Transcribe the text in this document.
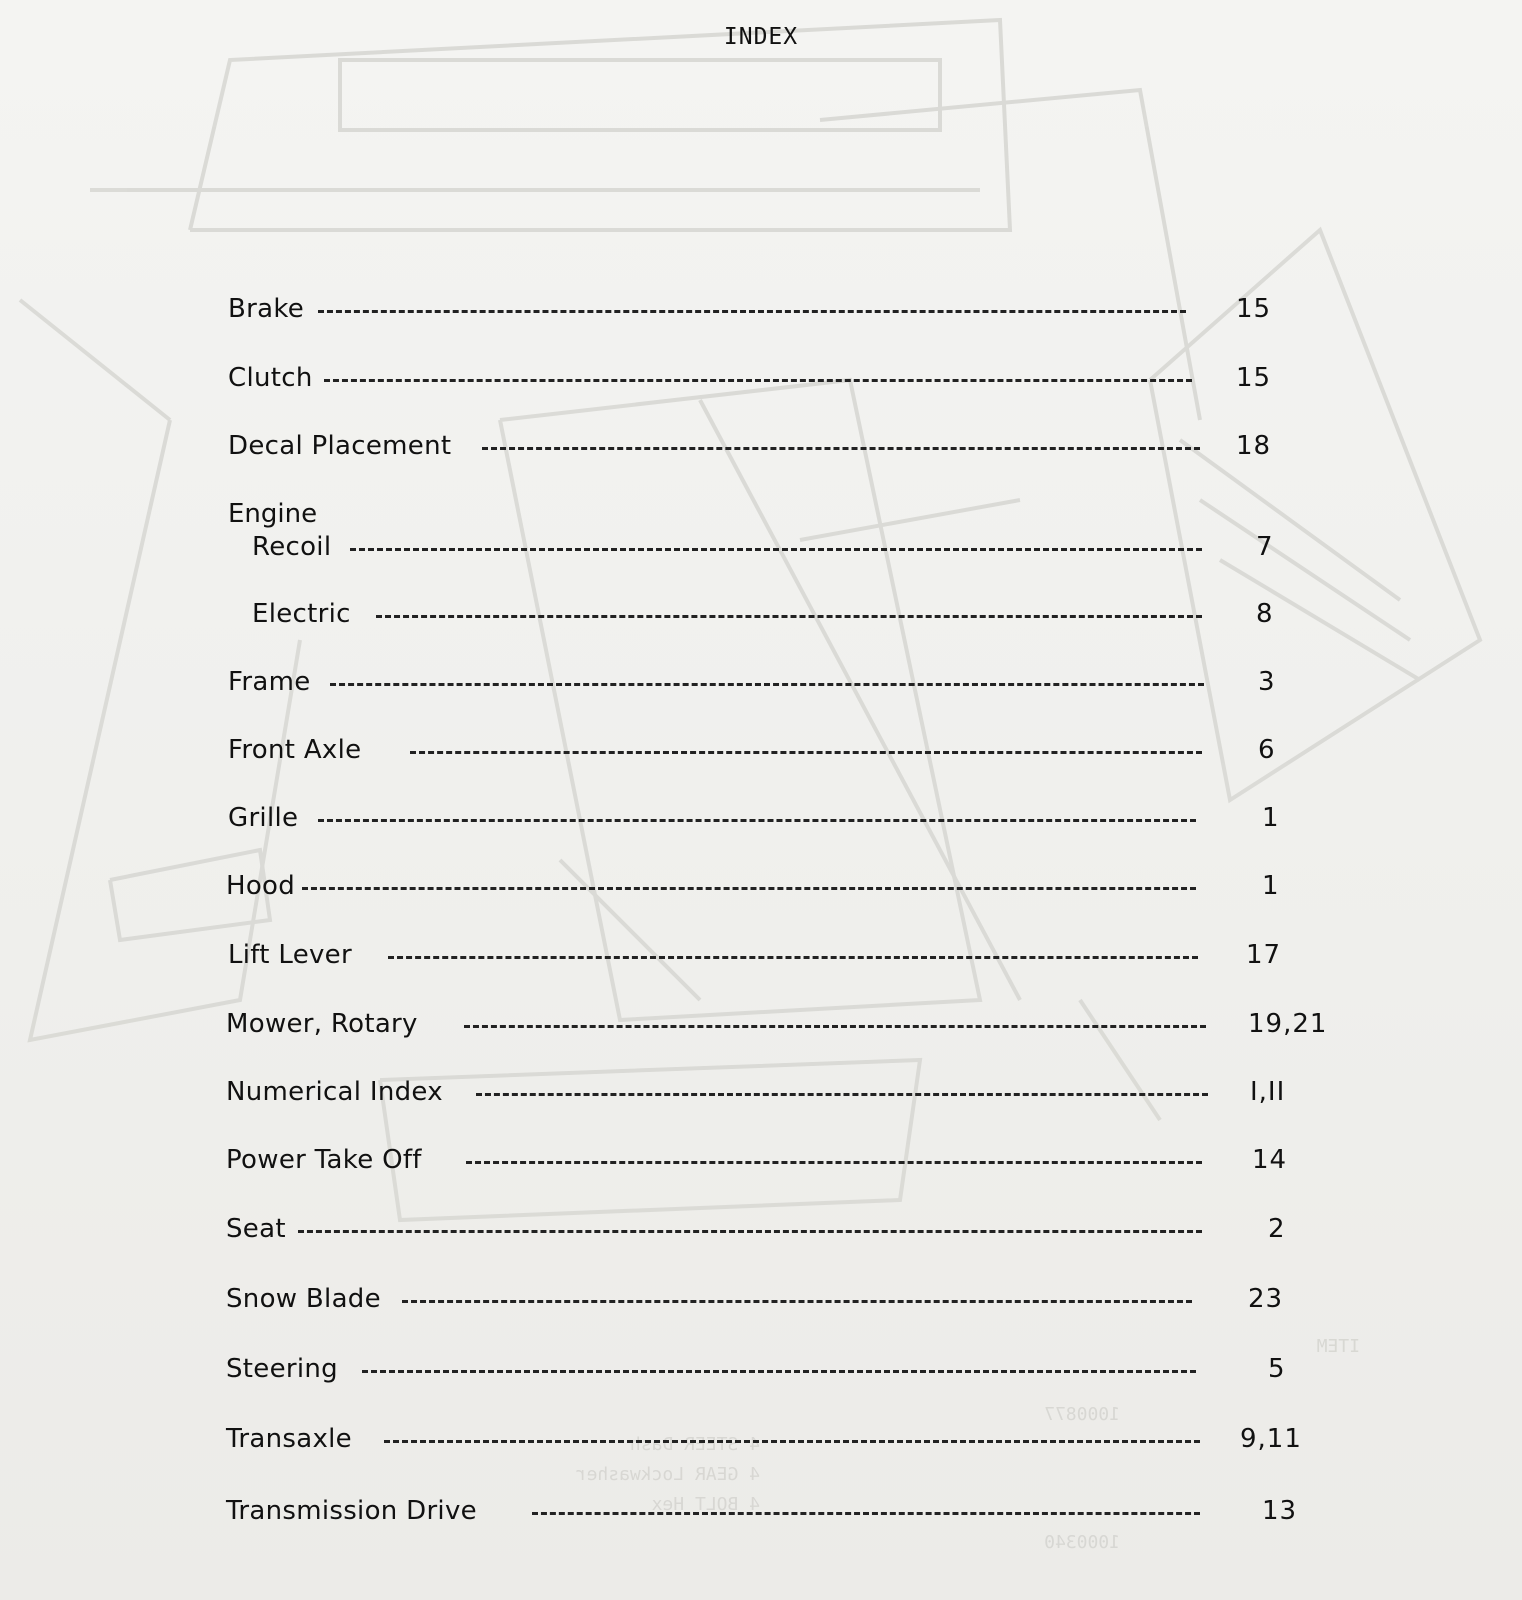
ITEM
1000877
4 STEER Dash
4 GEAR Lockwasher
4 BOLT Hex
1000340
INDEX
Brake	15
Clutch	15
Decal Placement	18
Engine
Recoil	7
Electric	8
Frame	3
Front Axle	6
Grille	1
Hood	1
Lift Lever	17
Mower, Rotary	19,21
Numerical Index	I,II
Power Take Off	14
Seat	2
Snow Blade	23
Steering	5
Transaxle	9,11
Transmission Drive	13
